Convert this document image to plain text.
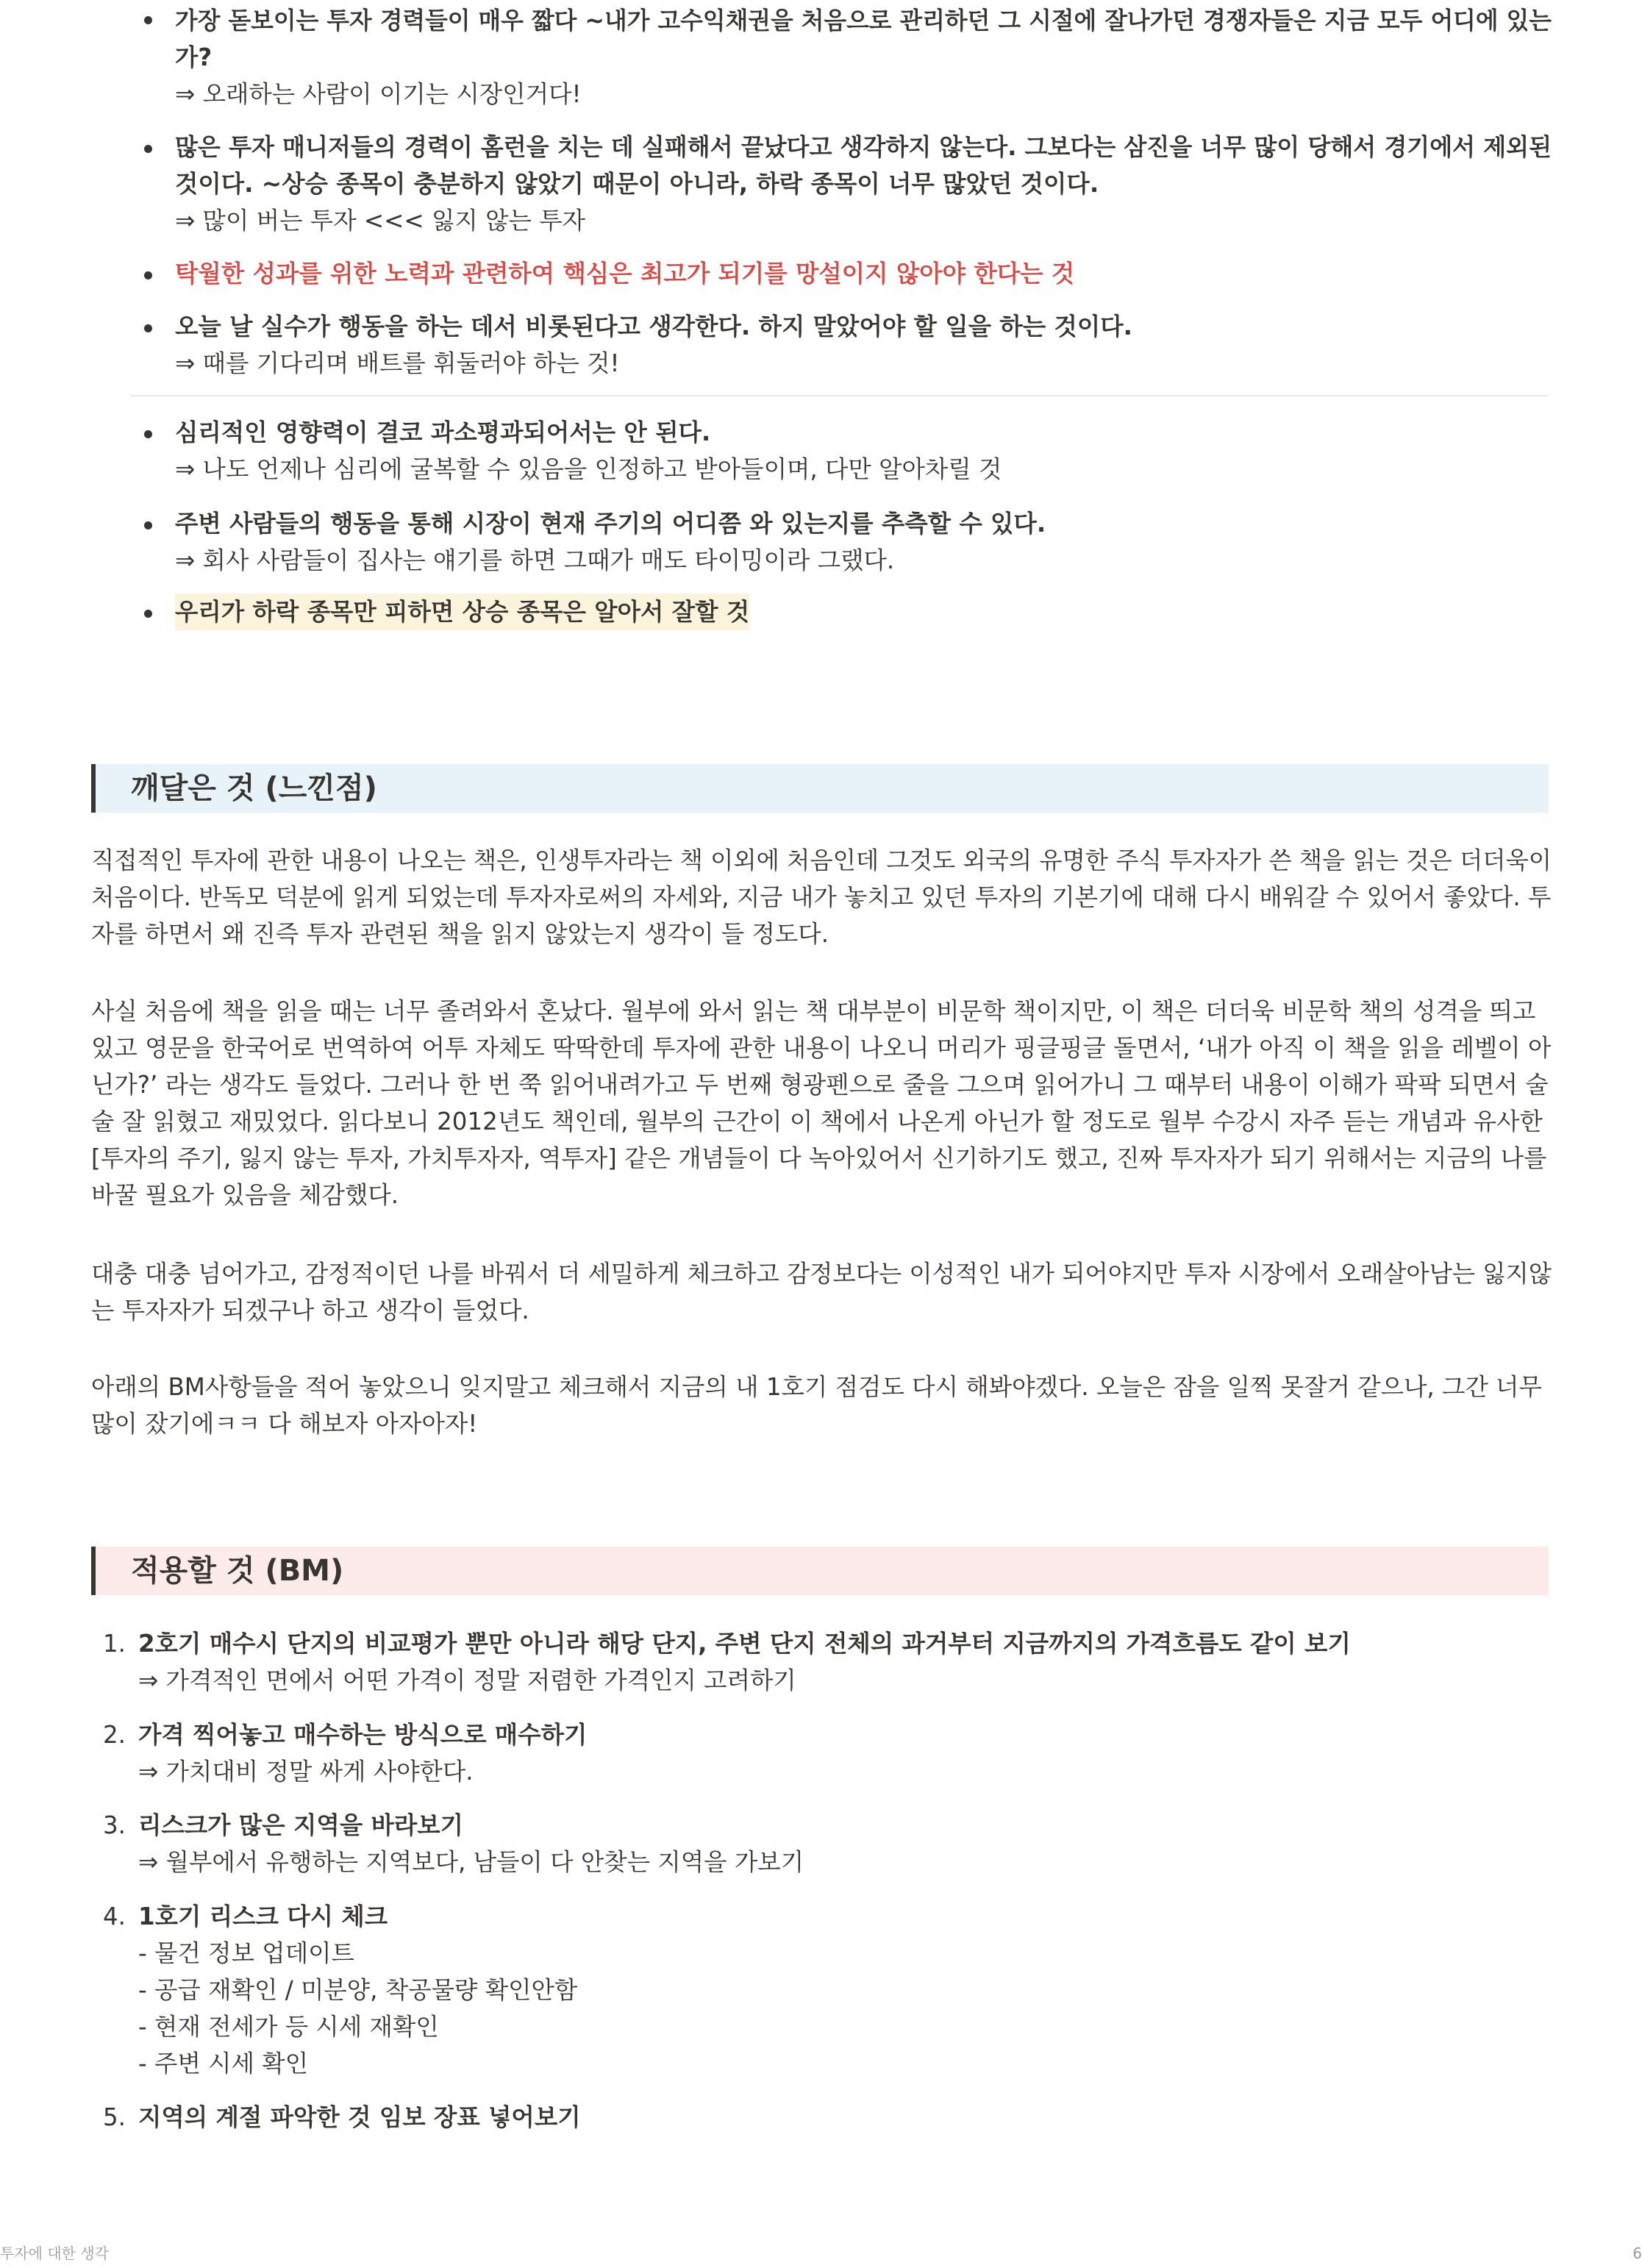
가장 돋보이는 투자 경력들이 매우 짧다 ~내가 고수익채권을 처음으로 관리하던 그 시절에 잘나가던 경쟁자들은 지금 모두 어디에 있는
가?
⇒ 오래하는 사람이 이기는 시장인거다!
많은 투자 매니저들의 경력이 홈런을 치는 데 실패해서 끝났다고 생각하지 않는다. 그보다는 삼진을 너무 많이 당해서 경기에서 제외된
것이다. ~상승 종목이 충분하지 않았기 때문이 아니라, 하락 종목이 너무 많았던 것이다.
⇒ 많이 버는 투자 <<< 잃지 않는 투자
탁월한 성과를 위한 노력과 관련하여 핵심은 최고가 되기를 망설이지 않아야 한다는 것
오늘 날 실수가 행동을 하는 데서 비롯된다고 생각한다. 하지 말았어야 할 일을 하는 것이다.
⇒ 때를 기다리며 배트를 휘둘러야 하는 것!
심리적인 영향력이 결코 과소평과되어서는 안 된다.
⇒ 나도 언제나 심리에 굴복할 수 있음을 인정하고 받아들이며, 다만 알아차릴 것
주변 사람들의 행동을 통해 시장이 현재 주기의 어디쯤 와 있는지를 추측할 수 있다.
⇒ 회사 사람들이 집사는 얘기를 하면 그때가 매도 타이밍이라 그랬다.
우리가 하락 종목만 피하면 상승 종목은 알아서 잘할 것
깨달은 것 (느낀점)
직접적인 투자에 관한 내용이 나오는 책은, 인생투자라는 책 이외에 처음인데 그것도 외국의 유명한 주식 투자자가 쓴 책을 읽는 것은 더더욱이
처음이다. 반독모 덕분에 읽게 되었는데 투자자로써의 자세와, 지금 내가 놓치고 있던 투자의 기본기에 대해 다시 배워갈 수 있어서 좋았다. 투
자를 하면서 왜 진즉 투자 관련된 책을 읽지 않았는지 생각이 들 정도다.
사실 처음에 책을 읽을 때는 너무 졸려와서 혼났다. 월부에 와서 읽는 책 대부분이 비문학 책이지만, 이 책은 더더욱 비문학 책의 성격을 띄고
있고 영문을 한국어로 번역하여 어투 자체도 딱딱한데 투자에 관한 내용이 나오니 머리가 핑글핑글 돌면서, ‘내가 아직 이 책을 읽을 레벨이 아
닌가?’ 라는 생각도 들었다. 그러나 한 번 쭉 읽어내려가고 두 번째 형광펜으로 줄을 그으며 읽어가니 그 때부터 내용이 이해가 팍팍 되면서 술
술 잘 읽혔고 재밌었다. 읽다보니 2012년도 책인데, 월부의 근간이 이 책에서 나온게 아닌가 할 정도로 월부 수강시 자주 듣는 개념과 유사한
[투자의 주기, 잃지 않는 투자, 가치투자자, 역투자] 같은 개념들이 다 녹아있어서 신기하기도 했고, 진짜 투자자가 되기 위해서는 지금의 나를
바꿀 필요가 있음을 체감했다.
대충 대충 넘어가고, 감정적이던 나를 바꿔서 더 세밀하게 체크하고 감정보다는 이성적인 내가 되어야지만 투자 시장에서 오래살아남는 잃지않
는 투자자가 되겠구나 하고 생각이 들었다.
아래의 BM사항들을 적어 놓았으니 잊지말고 체크해서 지금의 내 1호기 점검도 다시 해봐야겠다. 오늘은 잠을 일찍 못잘거 같으나, 그간 너무
많이 잤기에ㅋㅋ 다 해보자 아자아자!
적용할 것 (BM)
1. 2호기 매수시 단지의 비교평가 뿐만 아니라 해당 단지, 주변 단지 전체의 과거부터 지금까지의 가격흐름도 같이 보기
⇒ 가격적인 면에서 어떤 가격이 정말 저렴한 가격인지 고려하기
2. 가격 찍어놓고 매수하는 방식으로 매수하기
⇒ 가치대비 정말 싸게 사야한다.
3. 리스크가 많은 지역을 바라보기
⇒ 월부에서 유행하는 지역보다, 남들이 다 안찾는 지역을 가보기
4. 1호기 리스크 다시 체크
- 물건 정보 업데이트
- 공급 재확인 / 미분양, 착공물량 확인안함
- 현재 전세가 등 시세 재확인
- 주변 시세 확인
5. 지역의 계절 파악한 것 임보 장표 넣어보기
투자에 대한 생각	6
